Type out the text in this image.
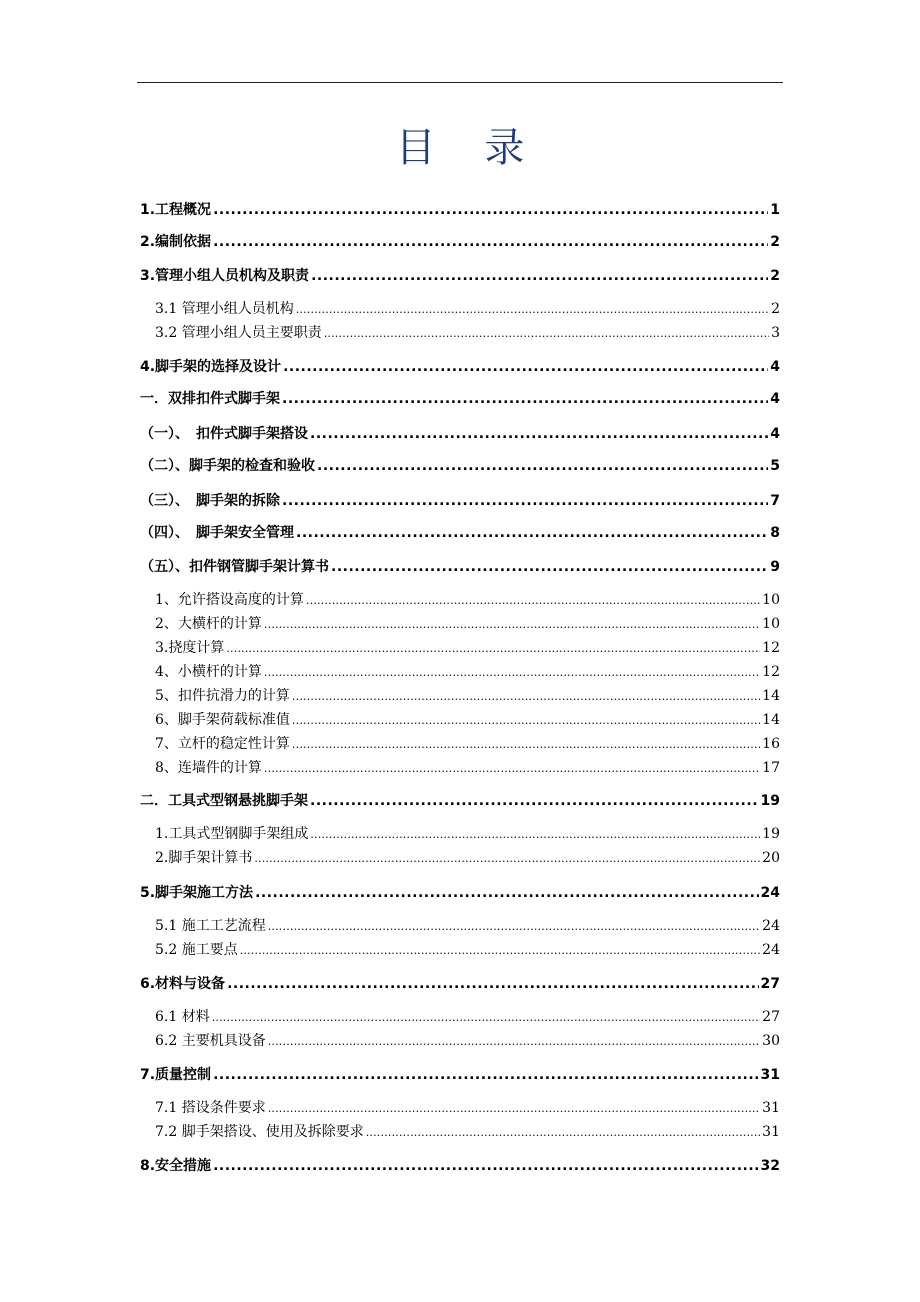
目 录
1.工程概况 .....	1
2.编制依据 .....	2
3.管理小组人员机构及职责 .....	2
3.1 管理小组人员机构 .....	2
3.2 管理小组人员主要职责 .....	3
4.脚手架的选择及设计 .....	4
一．双排扣件式脚手架 .....	4
（一）、　扣件式脚手架搭设 .....	4
（二）、脚手架的检查和验收 .....	5
（三）、　脚手架的拆除 .....	7
（四）、　脚手架安全管理 .....	8
（五）、扣件钢管脚手架计算书 .....	9
1、允许搭设高度的计算 .....	10
2、大横杆的计算 .....	10
3.挠度计算 .....	12
4、小横杆的计算 .....	12
5、扣件抗滑力的计算 .....	14
6、脚手架荷载标准值 .....	14
7、立杆的稳定性计算 .....	16
8、连墙件的计算 .....	17
二．工具式型钢悬挑脚手架 .....	19
1.工具式型钢脚手架组成 .....	19
2.脚手架计算书 .....	20
5.脚手架施工方法 .....	24
5.1 施工工艺流程 .....	24
5.2 施工要点 .....	24
6.材料与设备 .....	27
6.1 材料 .....	27
6.2 主要机具设备 .....	30
7.质量控制 .....	31
7.1 搭设条件要求 .....	31
7.2 脚手架搭设、使用及拆除要求 .....	31
8.安全措施 .....	32
